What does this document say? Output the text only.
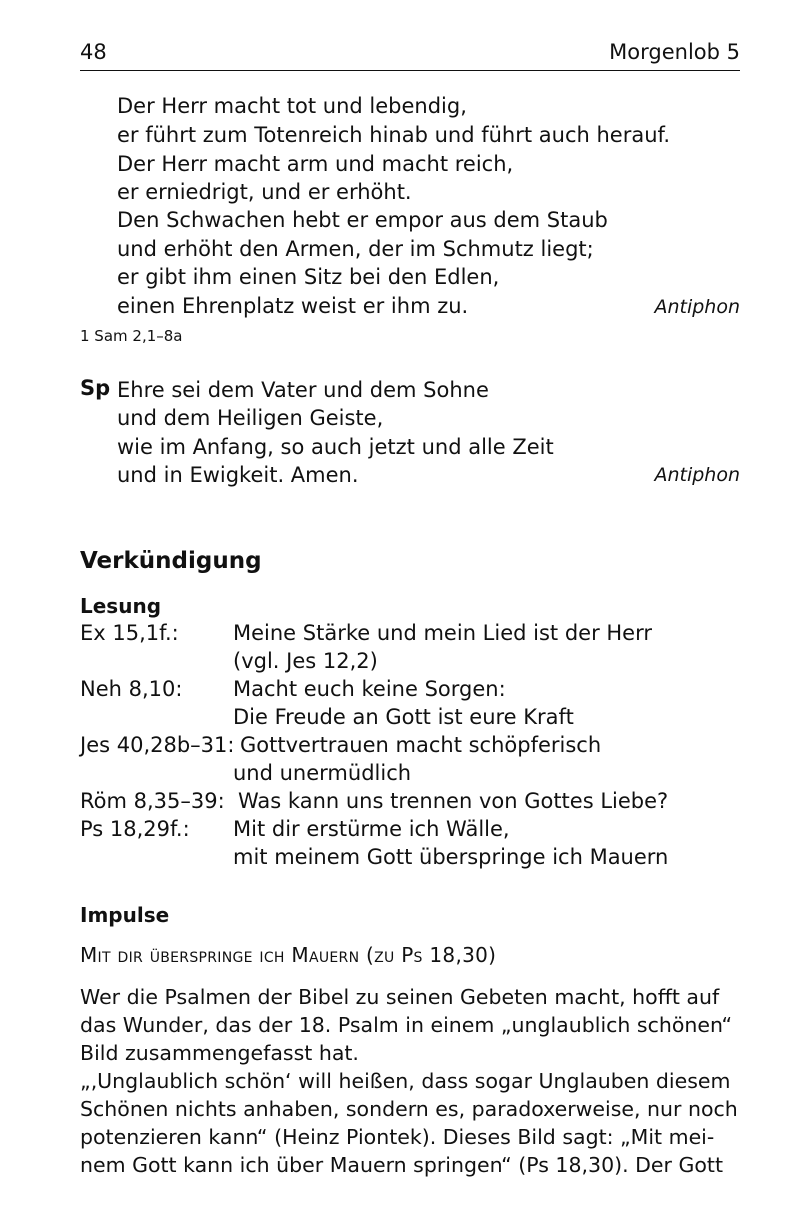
48	Morgenlob 5
Der Herr macht tot und lebendig,
er führt zum Totenreich hinab und führt auch herauf.
Der Herr macht arm und macht reich,
er erniedrigt, und er erhöht.
Den Schwachen hebt er empor aus dem Staub
und erhöht den Armen, der im Schmutz liegt;
er gibt ihm einen Sitz bei den Edlen,
einen Ehrenplatz weist er ihm zu.	Antiphon
1 Sam 2,1–8a
Sp Ehre sei dem Vater und dem Sohne
und dem Heiligen Geiste,
wie im Anfang, so auch jetzt und alle Zeit
und in Ewigkeit. Amen.	Antiphon
Verkündigung
Lesung
Ex 15,1f.:	Meine Stärke und mein Lied ist der Herr
(vgl. Jes 12,2)
Neh 8,10: Macht euch keine Sorgen:
Die Freude an Gott ist eure Kraft
Jes 40,28b–31: Gottvertrauen macht schöpferisch
und unermüdlich
Röm 8,35–39: Was kann uns trennen von Gottes Liebe?
Ps 18,29f.: Mit dir erstürme ich Wälle,
mit meinem Gott überspringe ich Mauern
Impulse
Mit dir überspringe ich Mauern (zu Ps 18,30)
Wer die Psalmen der Bibel zu seinen Gebeten macht, hofft auf
das Wunder, das der 18. Psalm in einem „unglaublich schönen“
Bild zusammengefasst hat.
„‚Unglaublich schön‘ will heißen, dass sogar Unglauben diesem
Schönen nichts anhaben, sondern es, paradoxerweise, nur noch
potenzieren kann“ (Heinz Piontek). Dieses Bild sagt: „Mit mei-
nem Gott kann ich über Mauern springen“ (Ps 18,30). Der Gott
